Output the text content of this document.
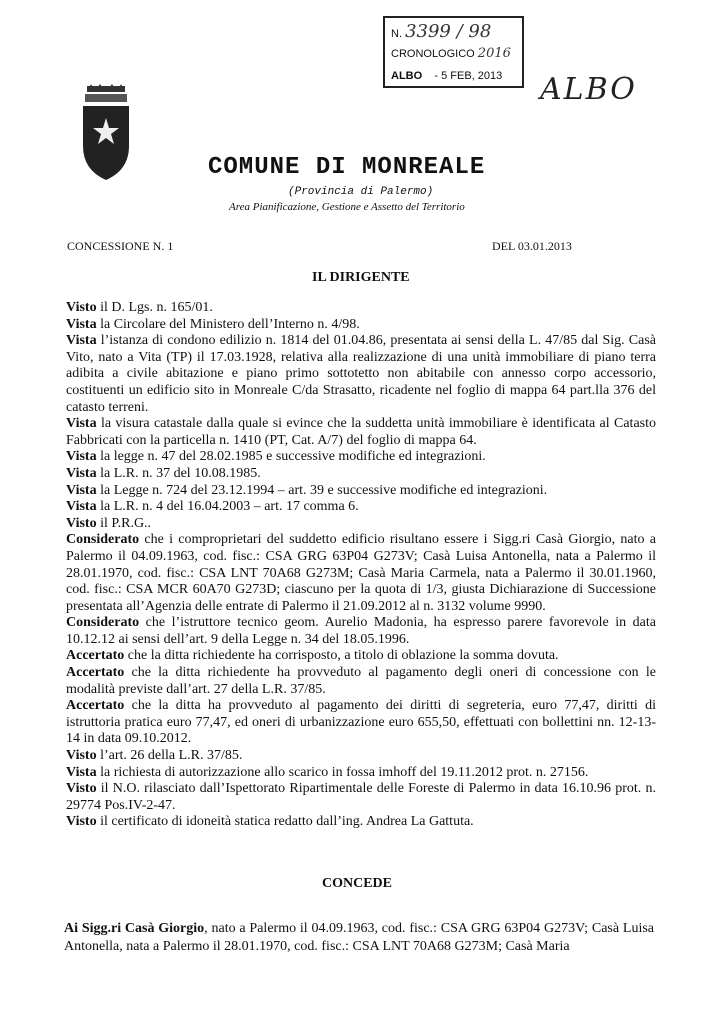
N. 3399 / 98
CRONOLOGICO 2016
ALBO - 5 FEB, 2013	ALBO
COMUNE DI MONREALE
(Provincia di Palermo)
Area Pianificazione, Gestione e Assetto del Territorio
CONCESSIONE N. 1	DEL 03.01.2013
IL DIRIGENTE

Visto il D. Lgs. n. 165/01.

Vista la Circolare del Ministero dell’Interno n. 4/98.

Vista l’istanza di condono edilizio n. 1814 del 01.04.86, presentata ai sensi della L. 47/85 dal Sig. Casà Vito, nato a Vita (TP) il 17.03.1928, relativa alla realizzazione di una unità immobiliare di piano terra adibita a civile abitazione e piano primo sottotetto non abitabile con annesso corpo accessorio, costituenti un edificio sito in Monreale C/da Strasatto, ricadente nel foglio di mappa 64 part.lla 376 del catasto terreni.

Vista la visura catastale dalla quale si evince che la suddetta unità immobiliare è identificata al Catasto Fabbricati con la particella n. 1410 (PT, Cat. A/7) del foglio di mappa 64.

Vista la legge n. 47 del 28.02.1985 e successive modifiche ed integrazioni.

Vista la L.R. n. 37 del 10.08.1985.

Vista la Legge n. 724 del 23.12.1994 – art. 39 e successive modifiche ed integrazioni.

Vista la L.R. n. 4 del 16.04.2003 – art. 17 comma 6.

Visto il P.R.G..

Considerato che i comproprietari del suddetto edificio risultano essere i Sigg.ri Casà Giorgio, nato a Palermo il 04.09.1963, cod. fisc.: CSA GRG 63P04 G273V; Casà Luisa Antonella, nata a Palermo il 28.01.1970, cod. fisc.: CSA LNT 70A68 G273M; Casà Maria Carmela, nata a Palermo il 30.01.1960, cod. fisc.: CSA MCR 60A70 G273D; ciascuno per la quota di 1/3, giusta Dichiarazione di Successione presentata all’Agenzia delle entrate di Palermo il 21.09.2012 al n. 3132 volume 9990.

Considerato che l’istruttore tecnico geom. Aurelio Madonia, ha espresso parere favorevole in data 10.12.12 ai sensi dell’art. 9 della Legge n. 34 del 18.05.1996.

Accertato che la ditta richiedente ha corrisposto, a titolo di oblazione la somma dovuta.

Accertato che la ditta richiedente ha provveduto al pagamento degli oneri di concessione con le modalità previste dall’art. 27 della L.R. 37/85.

Accertato che la ditta ha provveduto al pagamento dei diritti di segreteria, euro 77,47, diritti di istruttoria pratica euro 77,47, ed oneri di urbanizzazione euro 655,50, effettuati con bollettini nn. 12-13-14 in data 09.10.2012.

Visto l’art. 26 della L.R. 37/85.

Vista la richiesta di autorizzazione allo scarico in fossa imhoff del 19.11.2012 prot. n. 27156.

Visto il N.O. rilasciato dall’Ispettorato Ripartimentale delle Foreste di Palermo in data 16.10.96 prot. n. 29774 Pos.IV-2-47.

Visto il certificato di idoneità statica redatto dall’ing. Andrea La Gattuta.

CONCEDE
Ai Sigg.ri Casà Giorgio, nato a Palermo il 04.09.1963, cod. fisc.: CSA GRG 63P04 G273V; Casà Luisa Antonella, nata a Palermo il 28.01.1970, cod. fisc.: CSA LNT 70A68 G273M; Casà Maria
